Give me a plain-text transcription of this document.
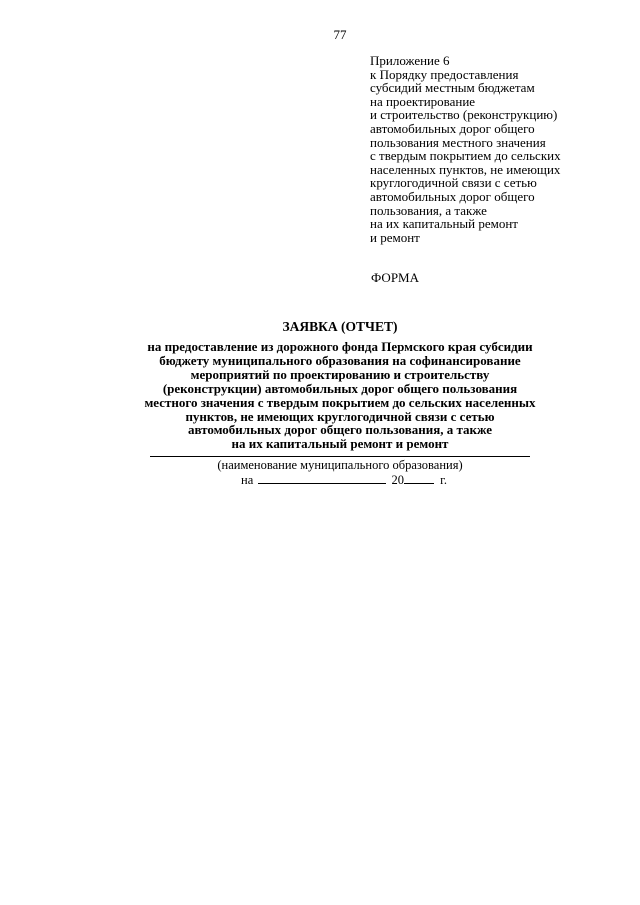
77
Приложение 6
к Порядку предоставления
субсидий местным бюджетам
на проектирование
и строительство (реконструкцию)
автомобильных дорог общего
пользования местного значения
с твердым покрытием до сельских
населенных пунктов, не имеющих
круглогодичной связи с сетью
автомобильных дорог общего
пользования, а также
на их капитальный ремонт
и ремонт
ФОРМА
ЗАЯВКА (ОТЧЕТ)
на предоставление из дорожного фонда Пермского края субсидии
бюджету муниципального образования на софинансирование
мероприятий по проектированию и строительству
(реконструкции) автомобильных дорог общего пользования
местного значения с твердым покрытием до сельских населенных
пунктов, не имеющих круглогодичной связи с сетью
автомобильных дорог общего пользования, а также
на их капитальный ремонт и ремонт
(наименование муниципального образования)
на	20	г.
